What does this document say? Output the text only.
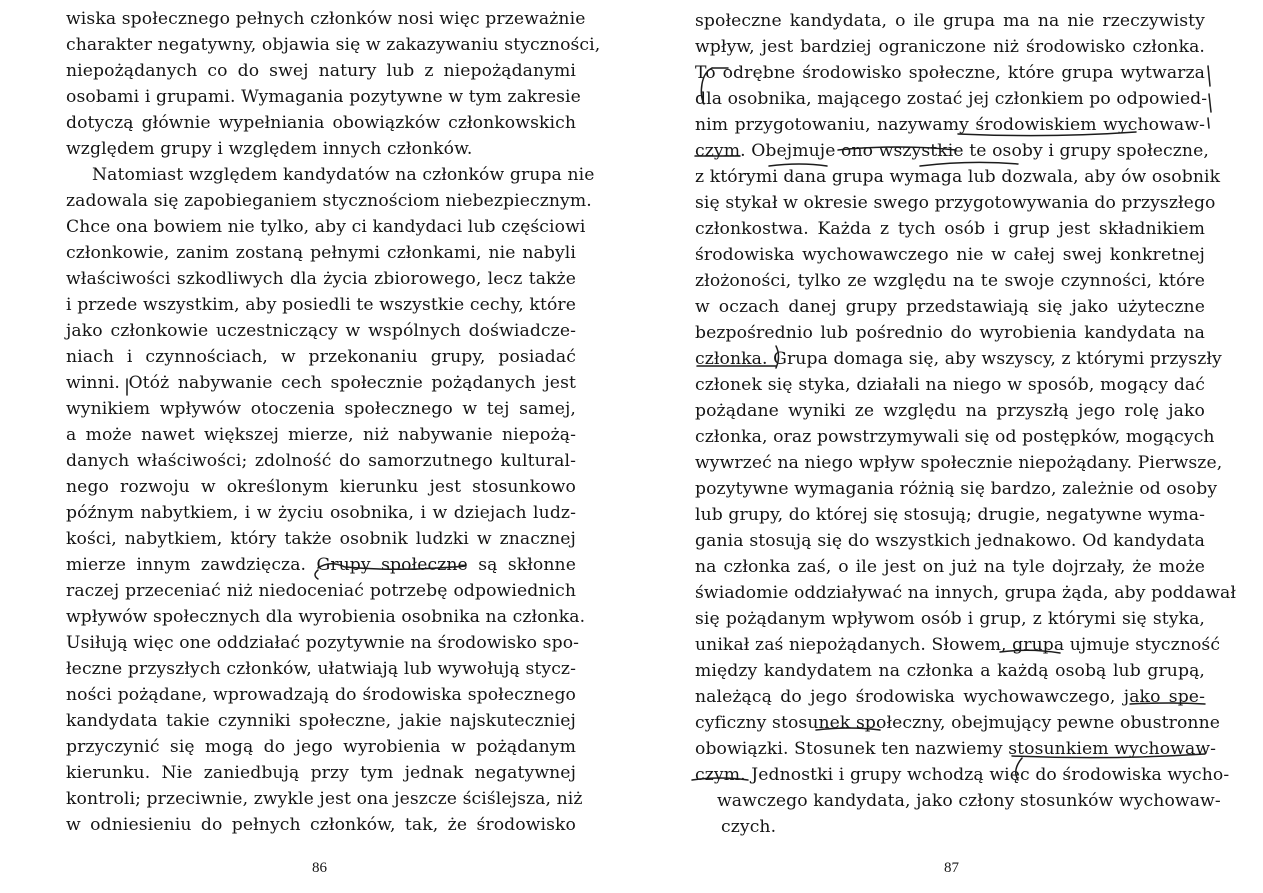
wiska społecznego pełnych członków nosi więc przeważnie
charakter negatywny, objawia się w zakazywaniu styczności,
niepożądanych co do swej natury lub z niepożądanymi
osobami i grupami. Wymagania pozytywne w tym zakresie
dotyczą głównie wypełniania obowiązków członkowskich
względem grupy i względem innych członków.
Natomiast względem kandydatów na członków grupa nie
zadowala się zapobieganiem stycznościom niebezpiecznym.
Chce ona bowiem nie tylko, aby ci kandydaci lub częściowi
członkowie, zanim zostaną pełnymi członkami, nie nabyli
właściwości szkodliwych dla życia zbiorowego, lecz także
i przede wszystkim, aby posiedli te wszystkie cechy, które
jako członkowie uczestniczący w wspólnych doświadcze-
niach i czynnościach, w przekonaniu grupy, posiadać
winni. Otóż nabywanie cech społecznie pożądanych jest
wynikiem wpływów otoczenia społecznego w tej samej,
a może nawet większej mierze, niż nabywanie niepożą-
danych właściwości; zdolność do samorzutnego kultural-
nego rozwoju w określonym kierunku jest stosunkowo
późnym nabytkiem, i w życiu osobnika, i w dziejach ludz-
kości, nabytkiem, który także osobnik ludzki w znacznej
mierze innym zawdzięcza. Grupy społeczne są skłonne
raczej przeceniać niż niedoceniać potrzebę odpowiednich
wpływów społecznych dla wyrobienia osobnika na członka.
Usiłują więc one oddziałać pozytywnie na środowisko spo-
łeczne przyszłych członków, ułatwiają lub wywołują stycz-
ności pożądane, wprowadzają do środowiska społecznego
kandydata takie czynniki społeczne, jakie najskuteczniej
przyczynić się mogą do jego wyrobienia w pożądanym
kierunku. Nie zaniedbują przy tym jednak negatywnej
kontroli; przeciwnie, zwykle jest ona jeszcze ściślejsza, niż
w odniesieniu do pełnych członków, tak, że środowisko
społeczne kandydata, o ile grupa ma na nie rzeczywisty
wpływ, jest bardziej ograniczone niż środowisko członka.
To odrębne środowisko społeczne, które grupa wytwarza
dla osobnika, mającego zostać jej członkiem po odpowied-
nim przygotowaniu, nazywamy środowiskiem wychowaw-
czym. Obejmuje ono wszystkie te osoby i grupy społeczne,
z którymi dana grupa wymaga lub dozwala, aby ów osobnik
się stykał w okresie swego przygotowywania do przyszłego
członkostwa. Każda z tych osób i grup jest składnikiem
środowiska wychowawczego nie w całej swej konkretnej
złożoności, tylko ze względu na te swoje czynności, które
w oczach danej grupy przedstawiają się jako użyteczne
bezpośrednio lub pośrednio do wyrobienia kandydata na
członka. Grupa domaga się, aby wszyscy, z którymi przyszły
członek się styka, działali na niego w sposób, mogący dać
pożądane wyniki ze względu na przyszłą jego rolę jako
członka, oraz powstrzymywali się od postępków, mogących
wywrzeć na niego wpływ społecznie niepożądany. Pierwsze,
pozytywne wymagania różnią się bardzo, zależnie od osoby
lub grupy, do której się stosują; drugie, negatywne wyma-
gania stosują się do wszystkich jednakowo. Od kandydata
na członka zaś, o ile jest on już na tyle dojrzały, że może
świadomie oddziaływać na innych, grupa żąda, aby poddawał
się pożądanym wpływom osób i grup, z którymi się styka,
unikał zaś niepożądanych. Słowem, grupa ujmuje styczność
między kandydatem na członka a każdą osobą lub grupą,
należącą do jego środowiska wychowawczego, jako spe-
cyficzny stosunek społeczny, obejmujący pewne obustronne
obowiązki. Stosunek ten nazwiemy stosunkiem wychowaw-
czym. Jednostki i grupy wchodzą więc do środowiska wycho-
wawczego kandydata, jako człony stosunków wychowaw-
czych.
86	87
